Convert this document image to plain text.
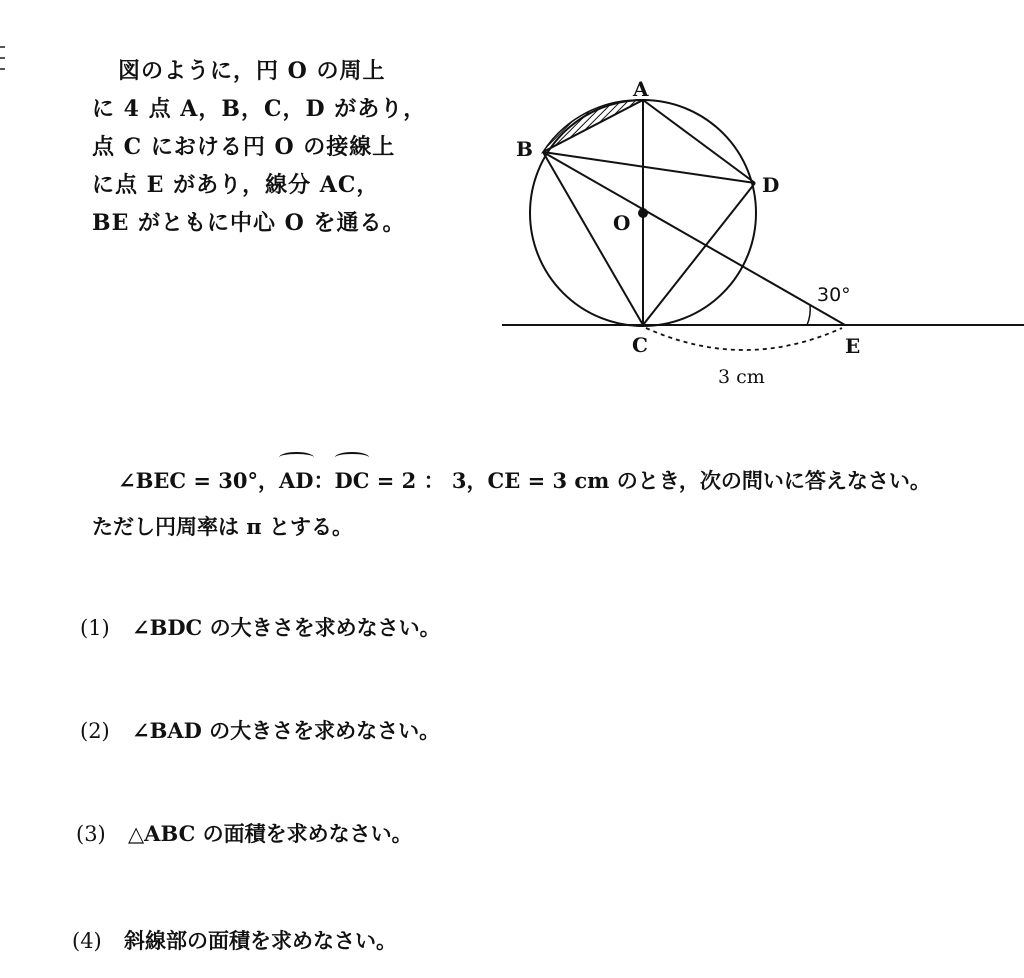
図のように，円 O の周上
に 4 点 A，B，C，D があり，
点 C における円 O の接線上
に点 E があり，線分 AC，
BE がともに中心 O を通る。
A
B
C
D
E
O
30°
3 cm
∠BEC = 30°，AD：DC = 2 ： 3，CE = 3 cm のとき，次の問いに答えなさい。
ただし円周率は π とする。
(1) ∠BDC の大きさを求めなさい。
(2) ∠BAD の大きさを求めなさい。
(3) △ABC の面積を求めなさい。
(4) 斜線部の面積を求めなさい。
